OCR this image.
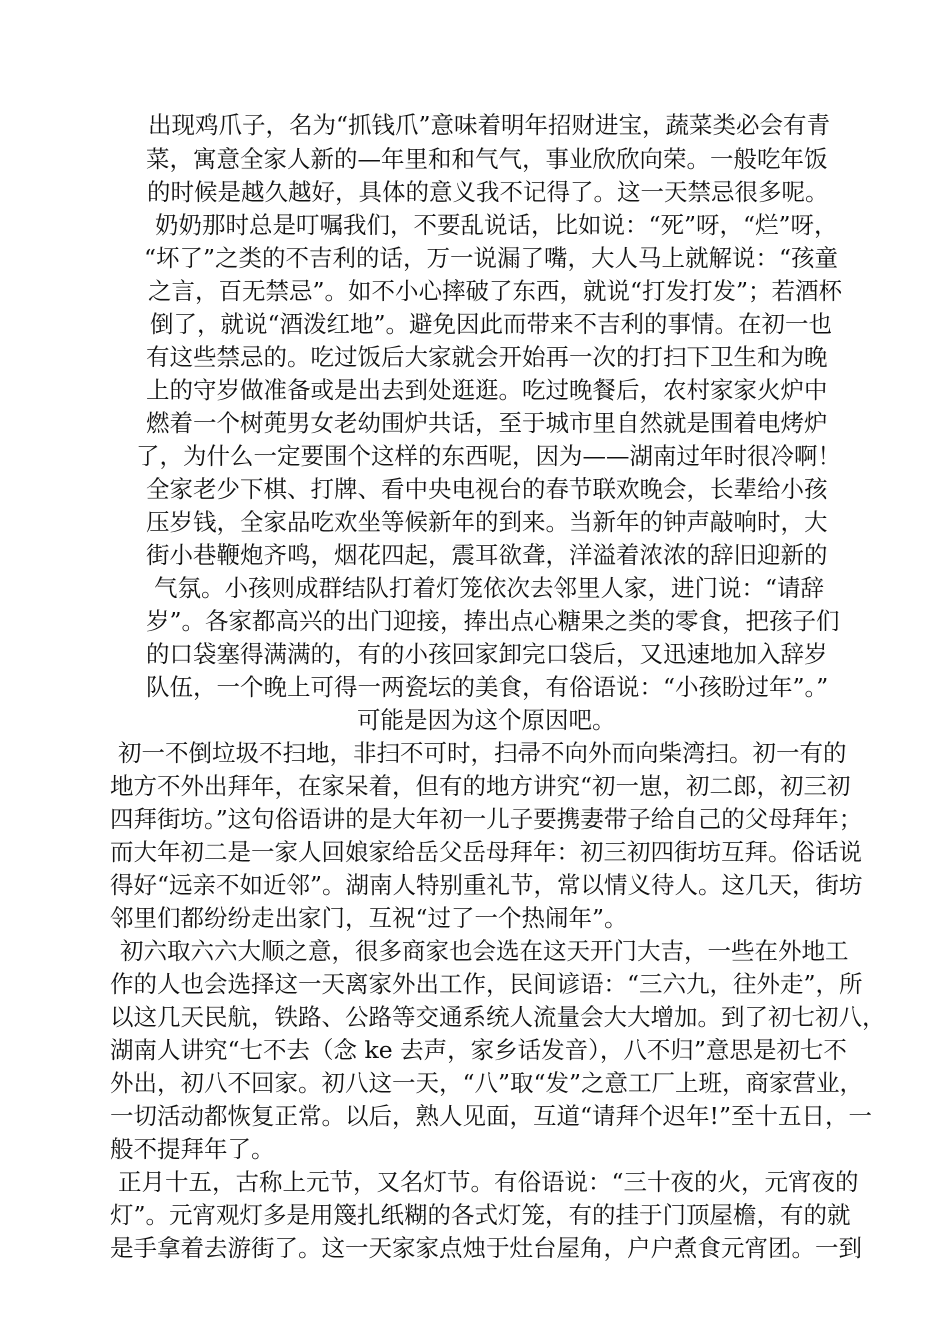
出现鸡爪子，名为“抓钱爪”意味着明年招财进宝，蔬菜类必会有青
菜，寓意全家人新的—年里和和气气，事业欣欣向荣。一般吃年饭
的时候是越久越好，具体的意义我不记得了。这一天禁忌很多呢。
奶奶那时总是叮嘱我们，不要乱说话，比如说：“死”呀，“烂”呀，
“坏了”之类的不吉利的话，万一说漏了嘴，大人马上就解说：“孩童
之言，百无禁忌”。如不小心摔破了东西，就说“打发打发”；若酒杯
倒了，就说“酒泼红地”。避免因此而带来不吉利的事情。在初一也
有这些禁忌的。吃过饭后大家就会开始再一次的打扫下卫生和为晚
上的守岁做准备或是出去到处逛逛。吃过晚餐后，农村家家火炉中
燃着一个树蔸男女老幼围炉共话，至于城市里自然就是围着电烤炉
了，为什么一定要围个这样的东西呢，因为——湖南过年时很冷啊！
全家老少下棋、打牌、看中央电视台的春节联欢晚会，长辈给小孩
压岁钱，全家品吃欢坐等候新年的到来。当新年的钟声敲响时，大
街小巷鞭炮齐鸣，烟花四起，震耳欲聋，洋溢着浓浓的辞旧迎新的
气氛。小孩则成群结队打着灯笼依次去邻里人家，进门说：“请辞
岁”。各家都高兴的出门迎接，捧出点心糖果之类的零食，把孩子们
的口袋塞得满满的，有的小孩回家卸完口袋后，又迅速地加入辞岁
队伍，一个晚上可得一两瓷坛的美食，有俗语说：“小孩盼过年”。”
可能是因为这个原因吧。
初一不倒垃圾不扫地，非扫不可时，扫帚不向外而向柴湾扫。初一有的
地方不外出拜年，在家呆着，但有的地方讲究“初一崽，初二郎，初三初
四拜街坊。”这句俗语讲的是大年初一儿子要携妻带子给自己的父母拜年；
而大年初二是一家人回娘家给岳父岳母拜年：初三初四街坊互拜。俗话说
得好“远亲不如近邻”。湖南人特别重礼节，常以情义待人。这几天，街坊
邻里们都纷纷走出家门，互祝“过了一个热闹年”。
初六取六六大顺之意，很多商家也会选在这天开门大吉，一些在外地工
作的人也会选择这一天离家外出工作，民间谚语：“三六九，往外走”，所
以这几天民航，铁路、公路等交通系统人流量会大大增加。到了初七初八，
湖南人讲究“七不去（念 ke 去声，家乡话发音），八不归”意思是初七不
外出，初八不回家。初八这一天，“八”取“发”之意工厂上班，商家营业，
一切活动都恢复正常。以后，熟人见面，互道“请拜个迟年!”至十五日，一
般不提拜年了。
正月十五，古称上元节，又名灯节。有俗语说：“三十夜的火，元宵夜的
灯”。元宵观灯多是用篾扎纸糊的各式灯笼，有的挂于门顶屋檐，有的就
是手拿着去游街了。这一天家家点烛于灶台屋角，户户煮食元宵团。一到
